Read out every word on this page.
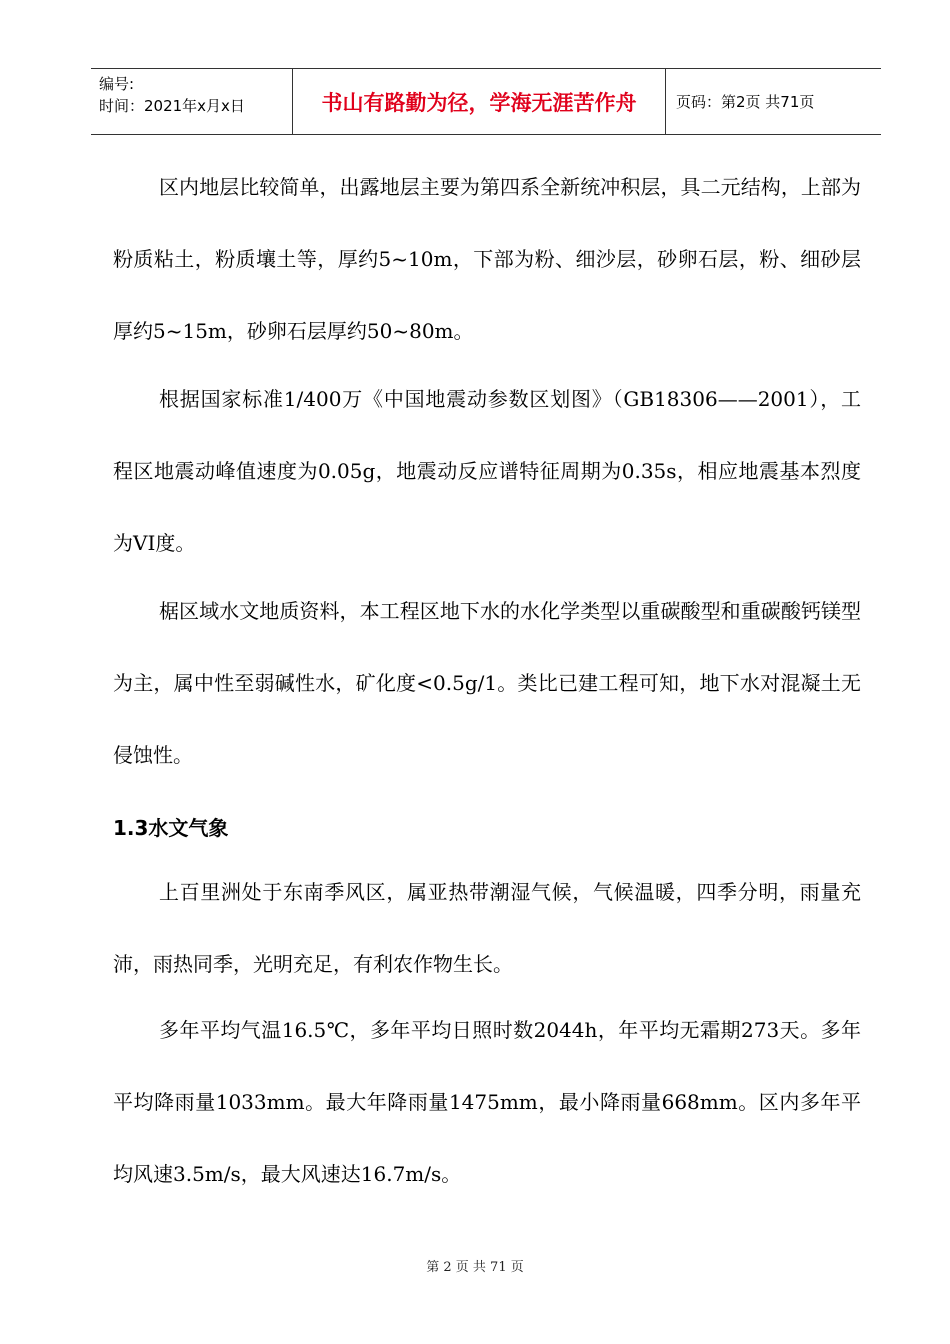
编号:
时间：2021年x月x日	书山有路勤为径，学海无涯苦作舟	页码：第2页 共71页

区内地层比较简单，出露地层主要为第四系全新统冲积层，具二元结构，上部为粉质粘土，粉质壤土等，厚约5~10m，下部为粉、细沙层，砂卵石层，粉、细砂层厚约5~15m，砂卵石层厚约50~80m。

根据国家标准1/400万《中国地震动参数区划图》（GB18306——2001），工程区地震动峰值速度为0.05g，地震动反应谱特征周期为0.35s，相应地震基本烈度为VI度。

椐区域水文地质资料，本工程区地下水的水化学类型以重碳酸型和重碳酸钙镁型为主，属中性至弱碱性水，矿化度<0.5g/1。类比已建工程可知，地下水对混凝土无侵蚀性。

1.3水文气象

上百里洲处于东南季风区，属亚热带潮湿气候，气候温暖，四季分明，雨量充沛，雨热同季，光明充足，有利农作物生长。

多年平均气温16.5℃，多年平均日照时数2044h，年平均无霜期273天。多年平均降雨量1033mm。最大年降雨量1475mm，最小降雨量668mm。区内多年平均风速3.5m/s，最大风速达16.7m/s。

第 2 页 共 71 页
